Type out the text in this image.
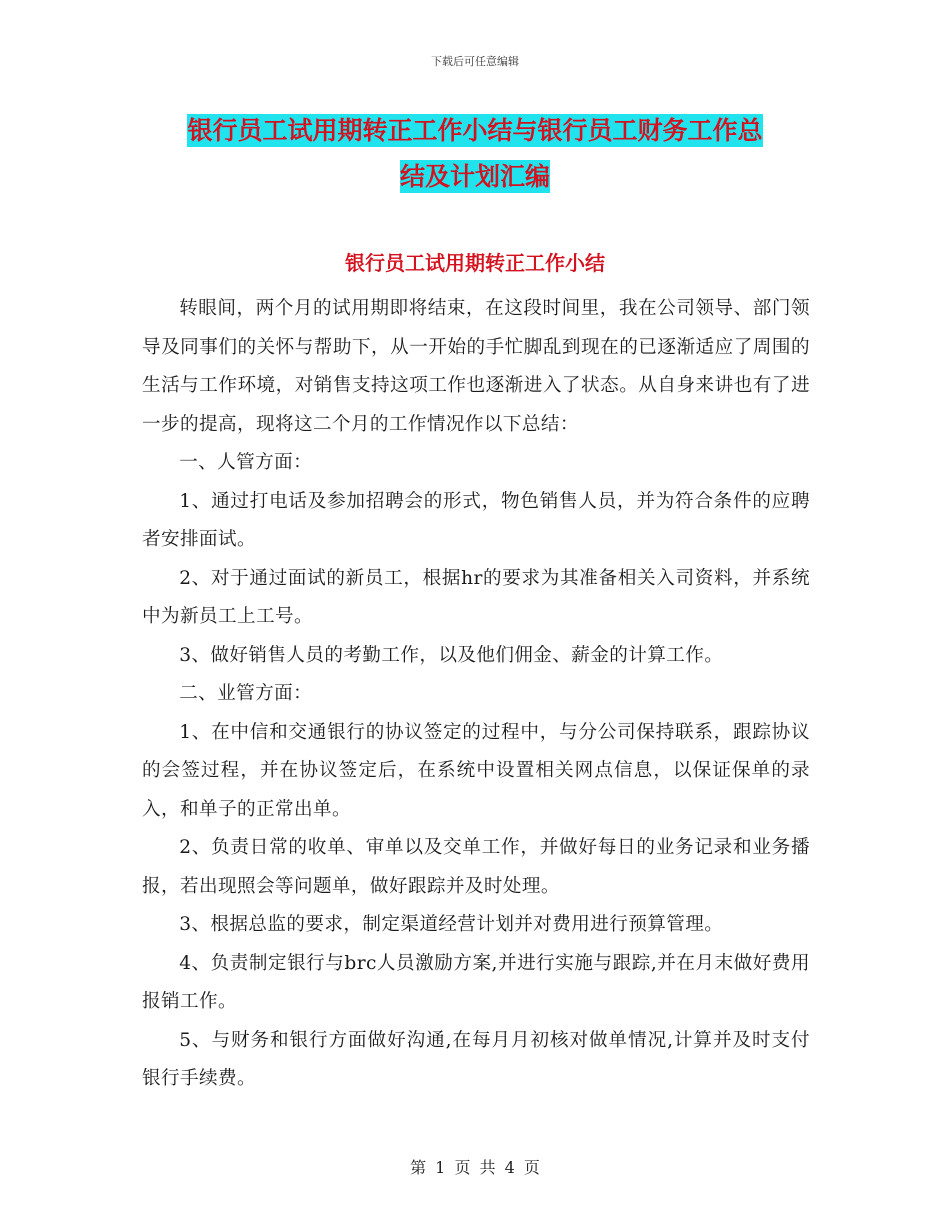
下载后可任意编辑
银行员工试用期转正工作小结与银行员工财务工作总
结及计划汇编
银行员工试用期转正工作小结

转眼间，两个月的试用期即将结束，在这段时间里，我在公司领导、部门领导及同事们的关怀与帮助下，从一开始的手忙脚乱到现在的已逐渐适应了周围的生活与工作环境，对销售支持这项工作也逐渐进入了状态。从自身来讲也有了进一步的提高，现将这二个月的工作情况作以下总结：

一、人管方面：

1、通过打电话及参加招聘会的形式，物色销售人员，并为符合条件的应聘者安排面试。

2、对于通过面试的新员工，根据hr的要求为其准备相关入司资料，并系统中为新员工上工号。

3、做好销售人员的考勤工作，以及他们佣金、薪金的计算工作。

二、业管方面：

1、在中信和交通银行的协议签定的过程中，与分公司保持联系，跟踪协议的会签过程，并在协议签定后，在系统中设置相关网点信息，以保证保单的录入，和单子的正常出单。

2、负责日常的收单、审单以及交单工作，并做好每日的业务记录和业务播报，若出现照会等问题单，做好跟踪并及时处理。

3、根据总监的要求，制定渠道经营计划并对费用进行预算管理。

4、负责制定银行与brc人员激励方案,并进行实施与跟踪,并在月末做好费用报销工作。

5、与财务和银行方面做好沟通,在每月月初核对做单情况,计算并及时支付银行手续费。

第 1 页 共 4 页
